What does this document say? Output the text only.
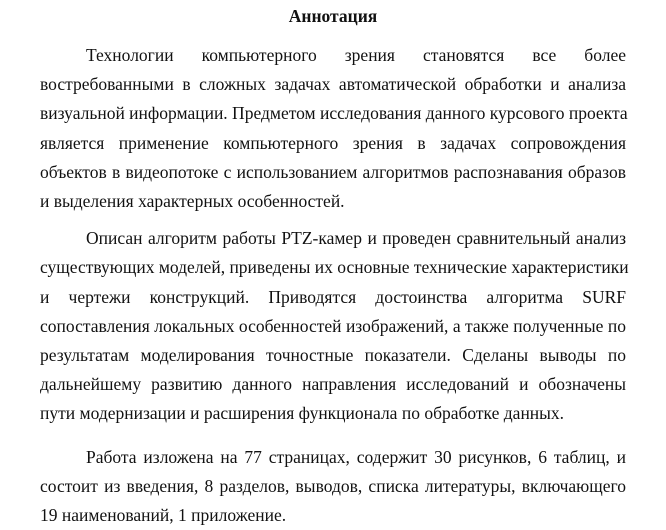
Аннотация

Технологии компьютерного зрения становятся все более
востребованными в сложных задачах автоматической обработки и анализа
визуальной информации. Предметом исследования данного курсового проекта
является применение компьютерного зрения в задачах сопровождения
объектов в видеопотоке с использованием алгоритмов распознавания образов
и выделения характерных особенностей.

Описан алгоритм работы PTZ-камер и проведен сравнительный анализ
существующих моделей, приведены их основные технические характеристики
и чертежи конструкций. Приводятся достоинства алгоритма SURF
сопоставления локальных особенностей изображений, а также полученные по
результатам моделирования точностные показатели. Сделаны выводы по
дальнейшему развитию данного направления исследований и обозначены
пути модернизации и расширения функционала по обработке данных.

Работа изложена на 77 страницах, содержит 30 рисунков, 6 таблиц, и
состоит из введения, 8 разделов, выводов, списка литературы, включающего
19 наименований, 1 приложение.
